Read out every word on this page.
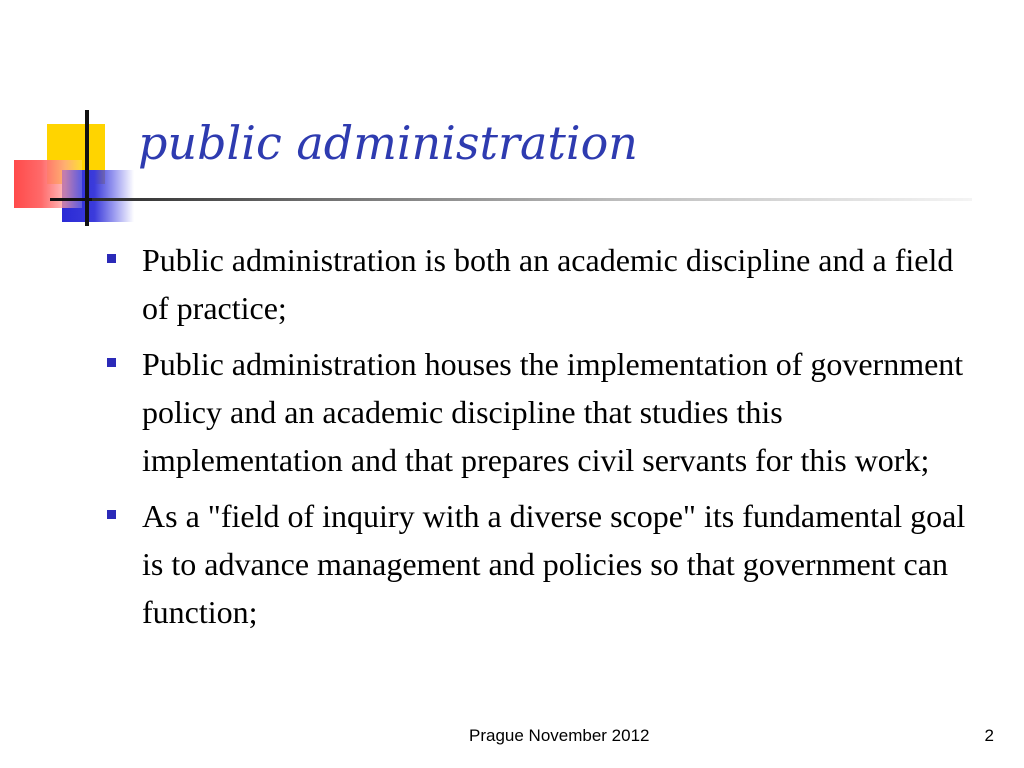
public administration
Public administration is both an academic discipline and a field of practice;
Public administration houses the implementation of government policy and an academic discipline that studies this implementation and that prepares civil servants for this work;
As a "field of inquiry with a diverse scope" its fundamental goal is to advance management and policies so that government can function;
Prague November 2012	2
